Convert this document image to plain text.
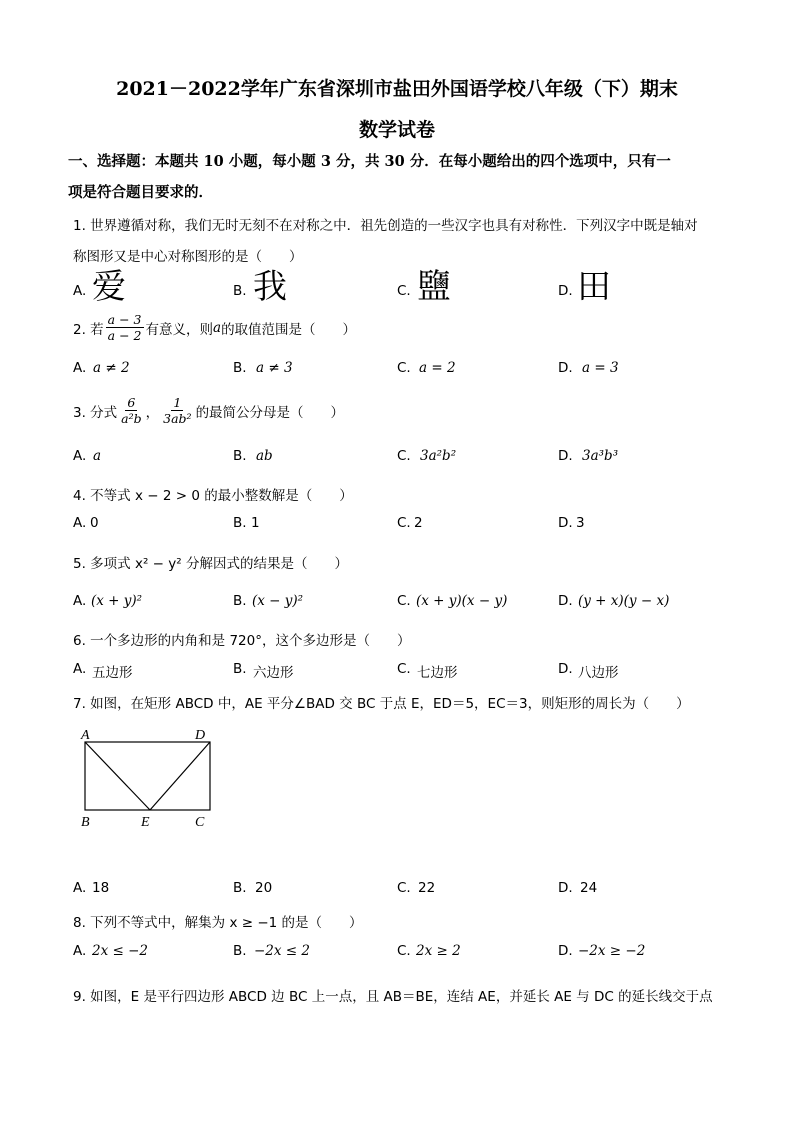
2021－2022学年广东省深圳市盐田外国语学校八年级（下）期末
数学试卷
一、选择题：本题共 10 小题，每小题 3 分，共 30 分．在每小题给出的四个选项中，只有一
项是符合题目要求的．
1. 世界遵循对称，我们无时无刻不在对称之中．祖先创造的一些汉字也具有对称性．下列汉字中既是轴对
称图形又是中心对称图形的是（　　）
A. 爱	B. 我	C. 鹽	D. 田
2. 若 $\frac{a - 3}{a - 2}$ 有意义，则 a 的取值范围是（　　）
A. a ≠ 2	B. a ≠ 3	C. a = 2	D. a = 3
3. 分式 $\frac{6}{\text{a²b}}$ ， $\frac{1}{\text{3ab²}}$ 的最简公分母是（　　）
A. a	B. ab	C. 3a²b²	D. 3a³b³
4. 不等式 x − 2 > 0 的最小整数解是（　　）
A. 0	B. 1	C. 2	D. 3
5. 多项式 x² − y² 分解因式的结果是（　　）
A. (x + y)²	B. (x − y)²	C. (x + y)(x − y)	D. (y + x)(y − x)
6. 一个多边形的内角和是 720°，这个多边形是（　　）
A. 五边形	B. 六边形	C. 七边形	D. 八边形
7. 如图，在矩形 ABCD 中，AE 平分∠BAD 交 BC 于点 E，ED＝5，EC＝3，则矩形的周长为（　　）
A	D
B	E	C
A. 18	B. 20	C. 22	D. 24
8. 下列不等式中，解集为 x ≥ −1 的是（　　）
A. 2x ≤ −2	B. −2x ≤ 2	C. 2x ≥ 2	D. −2x ≥ −2
9. 如图，E 是平行四边形 ABCD 边 BC 上一点，且 AB＝BE，连结 AE，并延长 AE 与 DC 的延长线交于点
